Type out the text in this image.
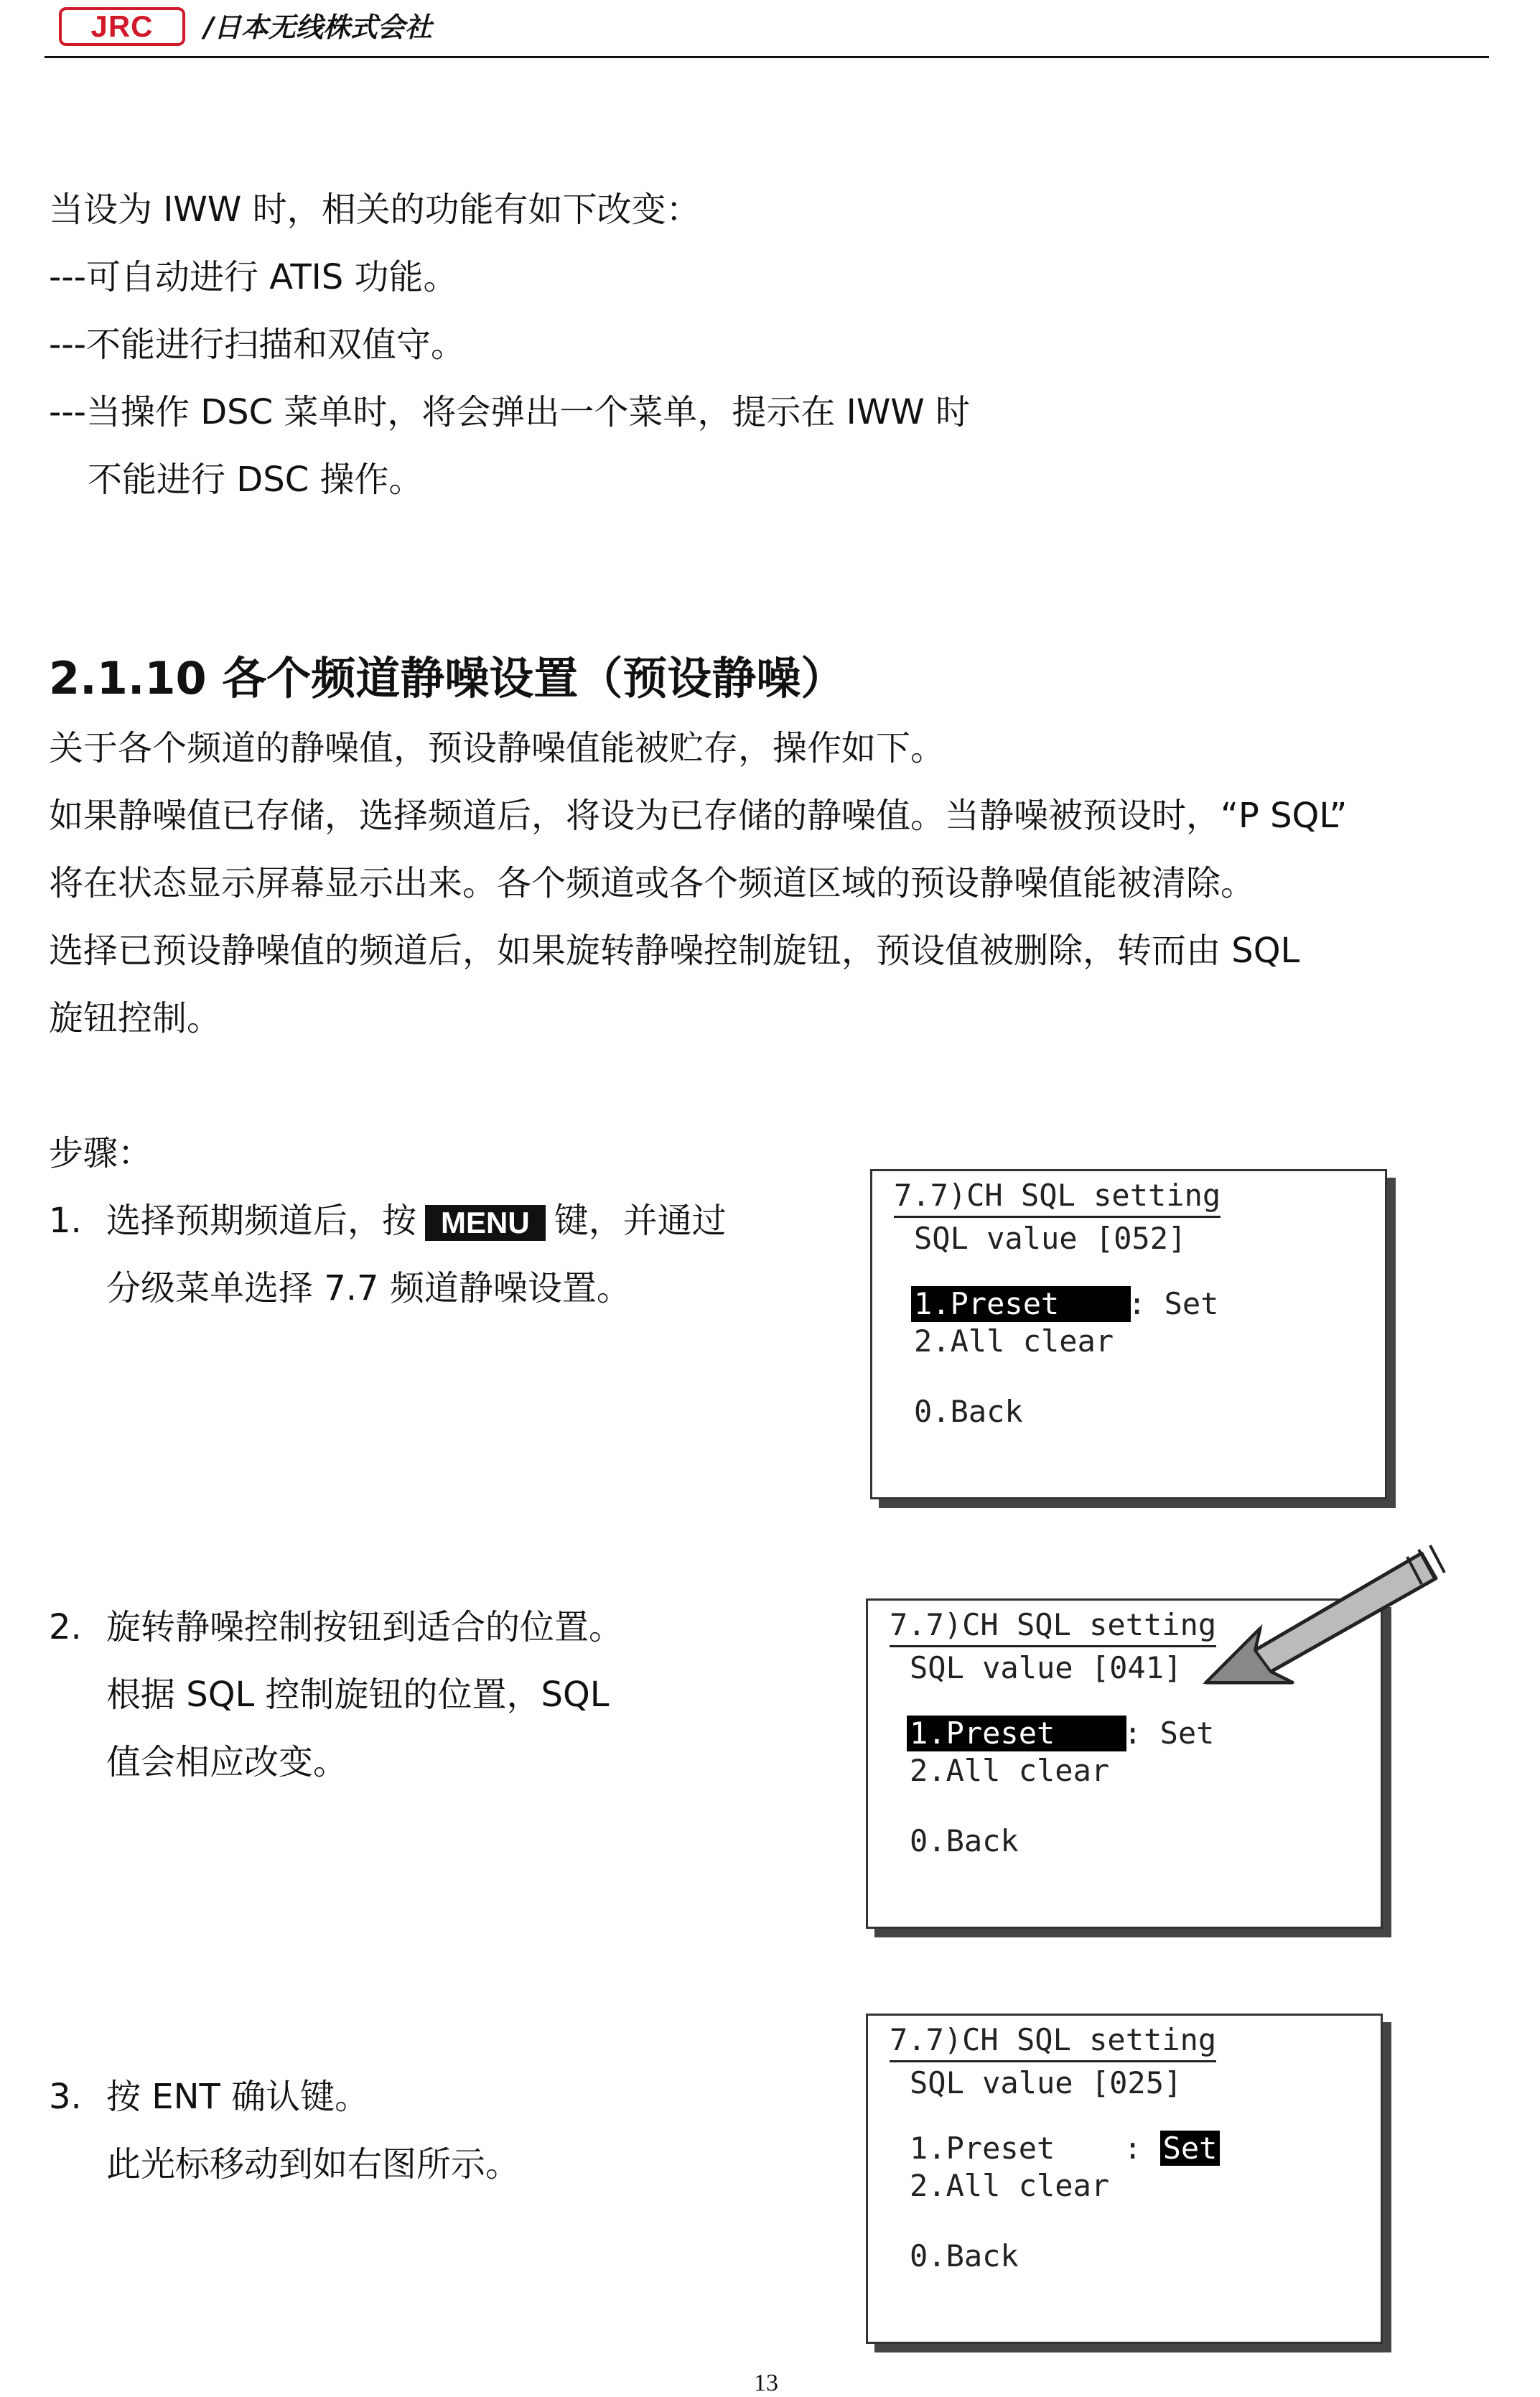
JRC	/日本无线株式会社
当设为 IWW 时，相关的功能有如下改变：
---可自动进行 ATIS 功能。
---不能进行扫描和双值守。
---当操作 DSC 菜单时，将会弹出一个菜单，提示在 IWW 时
不能进行 DSC 操作。
2.1.10 各个频道静噪设置（预设静噪）
关于各个频道的静噪值，预设静噪值能被贮存，操作如下。
如果静噪值已存储，选择频道后，将设为已存储的静噪值。当静噪被预设时，“P SQL”
将在状态显示屏幕显示出来。各个频道或各个频道区域的预设静噪值能被清除。
选择已预设静噪值的频道后，如果旋转静噪控制旋钮，预设值被删除，转而由 SQL
旋钮控制。
步骤：
1. 选择预期频道后，按 MENU 键，并通过
分级菜单选择 7.7 频道静噪设置。
2. 旋转静噪控制按钮到适合的位置。
根据 SQL 控制旋钮的位置，SQL
值会相应改变。
3. 按 ENT 确认键。
此光标移动到如右图所示。
7.7)CH SQL setting
SQL value [052]
1.Preset	: Set
2.All clear
0.Back
7.7)CH SQL setting
SQL value [041]
1.Preset	: Set
2.All clear
0.Back
7.7)CH SQL setting
SQL value [025]
1.Preset : Set
2.All clear
0.Back
13
